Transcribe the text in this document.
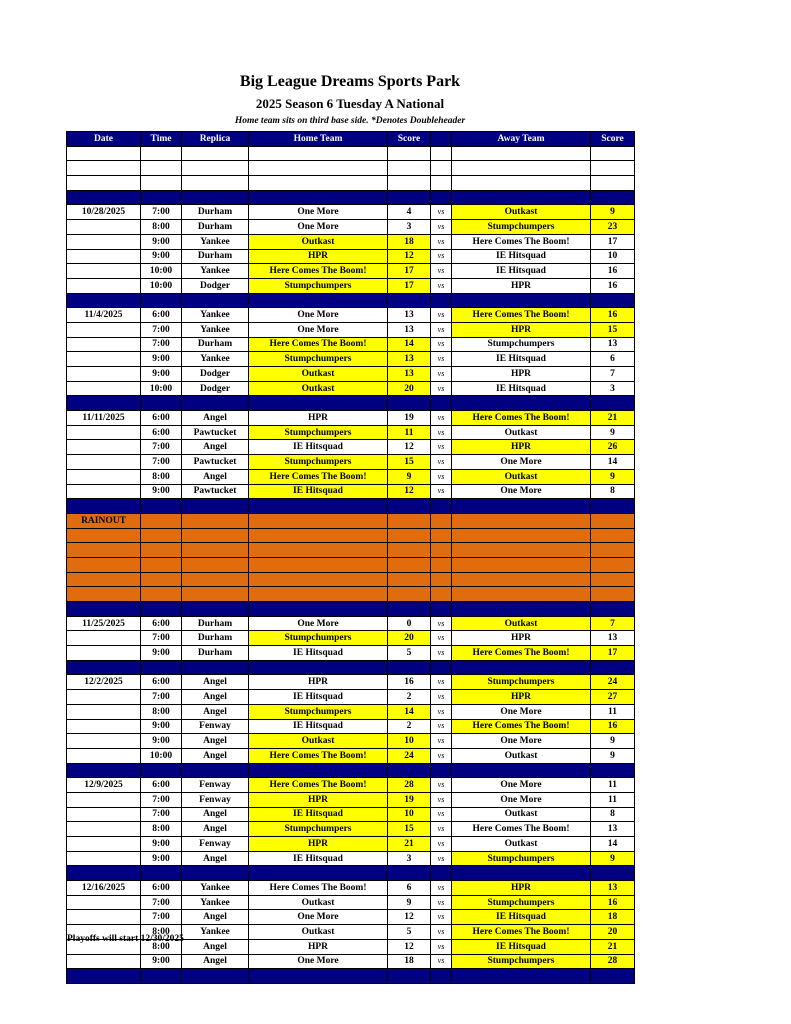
Big League Dreams Sports Park
2025 Season 6 Tuesday A National
Home team sits on third base side. *Denotes Doubleheader
Date	Time	Replica	Home Team	Score		Away Team	Score

10/28/2025	7:00	Durham	One More	4	vs	Outkast	9
	8:00	Durham	One More	3	vs	Stumpchumpers	23
	9:00	Yankee	Outkast	18	vs	Here Comes The Boom!	17
	9:00	Durham	HPR	12	vs	IE Hitsquad	10
	10:00	Yankee	Here Comes The Boom!	17	vs	IE Hitsquad	16
	10:00	Dodger	Stumpchumpers	17	vs	HPR	16

11/4/2025	6:00	Yankee	One More	13	vs	Here Comes The Boom!	16
	7:00	Yankee	One More	13	vs	HPR	15
	7:00	Durham	Here Comes The Boom!	14	vs	Stumpchumpers	13
	9:00	Yankee	Stumpchumpers	13	vs	IE Hitsquad	6
	9:00	Dodger	Outkast	13	vs	HPR	7
	10:00	Dodger	Outkast	20	vs	IE Hitsquad	3

11/11/2025	6:00	Angel	HPR	19	vs	Here Comes The Boom!	21
	6:00	Pawtucket	Stumpchumpers	11	vs	Outkast	9
	7:00	Angel	IE Hitsquad	12	vs	HPR	26
	7:00	Pawtucket	Stumpchumpers	15	vs	One More	14
	8:00	Angel	Here Comes The Boom!	9	vs	Outkast	9
	9:00	Pawtucket	IE Hitsquad	12	vs	One More	8

RAINOUT							

11/25/2025	6:00	Durham	One More	0	vs	Outkast	7
	7:00	Durham	Stumpchumpers	20	vs	HPR	13
	9:00	Durham	IE Hitsquad	5	vs	Here Comes The Boom!	17

12/2/2025	6:00	Angel	HPR	16	vs	Stumpchumpers	24
	7:00	Angel	IE Hitsquad	2	vs	HPR	27
	8:00	Angel	Stumpchumpers	14	vs	One More	11
	9:00	Fenway	IE Hitsquad	2	vs	Here Comes The Boom!	16
	9:00	Angel	Outkast	10	vs	One More	9
	10:00	Angel	Here Comes The Boom!	24	vs	Outkast	9

12/9/2025	6:00	Fenway	Here Comes The Boom!	28	vs	One More	11
	7:00	Fenway	HPR	19	vs	One More	11
	7:00	Angel	IE Hitsquad	10	vs	Outkast	8
	8:00	Angel	Stumpchumpers	15	vs	Here Comes The Boom!	13
	9:00	Fenway	HPR	21	vs	Outkast	14
	9:00	Angel	IE Hitsquad	3	vs	Stumpchumpers	9

12/16/2025	6:00	Yankee	Here Comes The Boom!	6	vs	HPR	13
	7:00	Yankee	Outkast	9	vs	Stumpchumpers	16
	7:00	Angel	One More	12	vs	IE Hitsquad	18
	8:00	Yankee	Outkast	5	vs	Here Comes The Boom!	20
	8:00	Angel	HPR	12	vs	IE Hitsquad	21
	9:00	Angel	One More	18	vs	Stumpchumpers	28

Playoffs will start 12/30/2025
